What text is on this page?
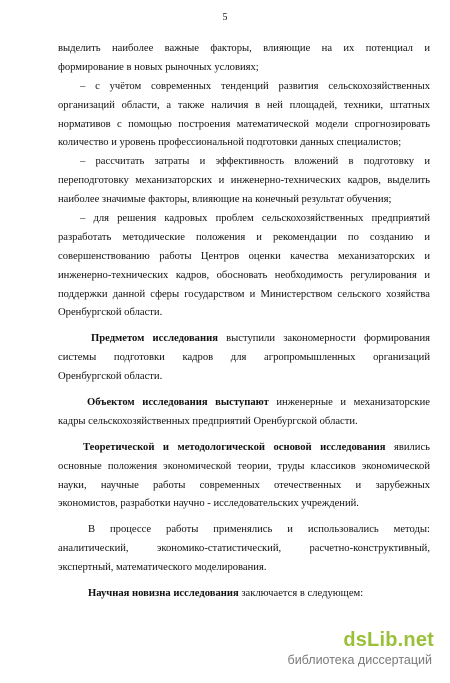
5
выделить наиболее важные факторы, влияющие на их потенциал и
формирование в новых рыночных условиях;
– с учётом современных тенденций развития сельскохозяйственных
организаций области, а также наличия в ней площадей, техники, штатных
нормативов с помощью построения математической модели спрогнозировать
количество и уровень профессиональной подготовки данных специалистов;
– рассчитать затраты и эффективность вложений в подготовку и
переподготовку механизаторских и инженерно-технических кадров, выделить
наиболее значимые факторы, влияющие на конечный результат обучения;
– для решения кадровых проблем сельскохозяйственных предприятий
разработать методические положения и рекомендации по созданию и
совершенствованию работы Центров оценки качества механизаторских и
инженерно-технических кадров, обосновать необходимость регулирования и
поддержки данной сферы государством и Министерством сельского хозяйства
Оренбургской области.
Предметом исследования выступили закономерности формирования
системы подготовки кадров для агропромышленных организаций
Оренбургской области.
Объектом исследования выступают инженерные и механизаторские
кадры сельскохозяйственных предприятий Оренбургской области.
Теоретической и методологической основой исследования явились
основные положения экономической теории, труды классиков экономической
науки, научные работы современных отечественных и зарубежных
экономистов, разработки научно - исследовательских учреждений.
В процессе работы применялись и использовались методы:
аналитический, экономико-статистический, расчетно-конструктивный,
экспертный, математического моделирования.
Научная новизна исследования заключается в следующем:
dsLib.net
библиотека диссертаций
